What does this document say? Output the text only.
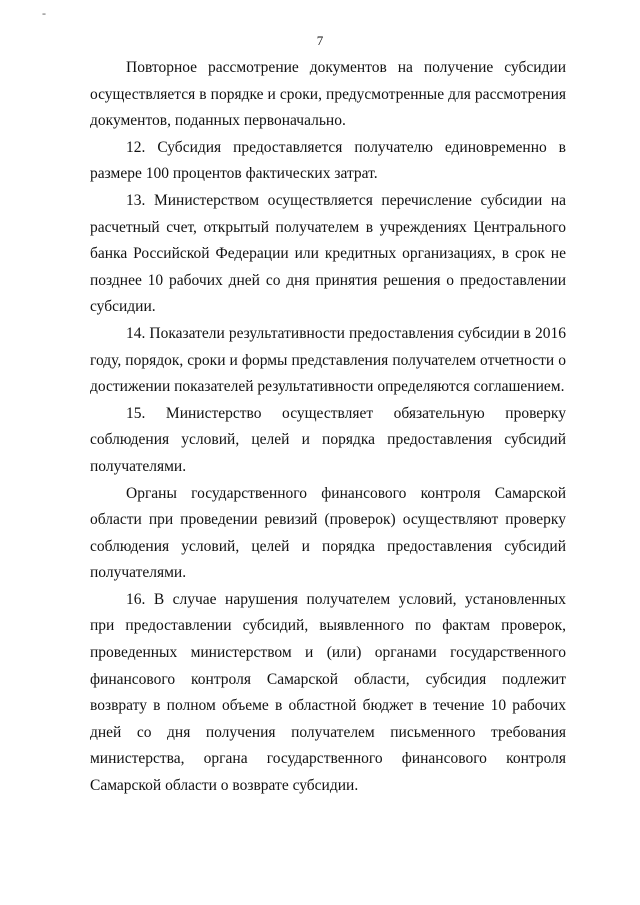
-
7

Повторное рассмотрение документов на получение субсидии осуществляется в порядке и сроки, предусмотренные для рассмотрения документов, поданных первоначально.

12. Субсидия предоставляется получателю единовременно в размере 100 процентов фактических затрат.

13. Министерством осуществляется перечисление субсидии на расчетный счет, открытый получателем в учреждениях Центрального банка Российской Федерации или кредитных организациях, в срок не позднее 10 рабочих дней со дня принятия решения о предоставлении субсидии.

14. Показатели результативности предоставления субсидии в 2016 году, порядок, сроки и формы представления получателем отчетности о достижении показателей результативности определяются соглашением.

15. Министерство осуществляет обязательную проверку соблюдения условий, целей и порядка предоставления субсидий получателями.

Органы государственного финансового контроля Самарской области при проведении ревизий (проверок) осуществляют проверку соблюдения условий, целей и порядка предоставления субсидий получателями.

16. В случае нарушения получателем условий, установленных при предоставлении субсидий, выявленного по фактам проверок, проведенных министерством и (или) органами государственного финансового контроля Самарской области, субсидия подлежит возврату в полном объеме в областной бюджет в течение 10 рабочих дней со дня получения получателем письменного требования министерства, органа государственного финансового контроля Самарской области о возврате субсидии.
